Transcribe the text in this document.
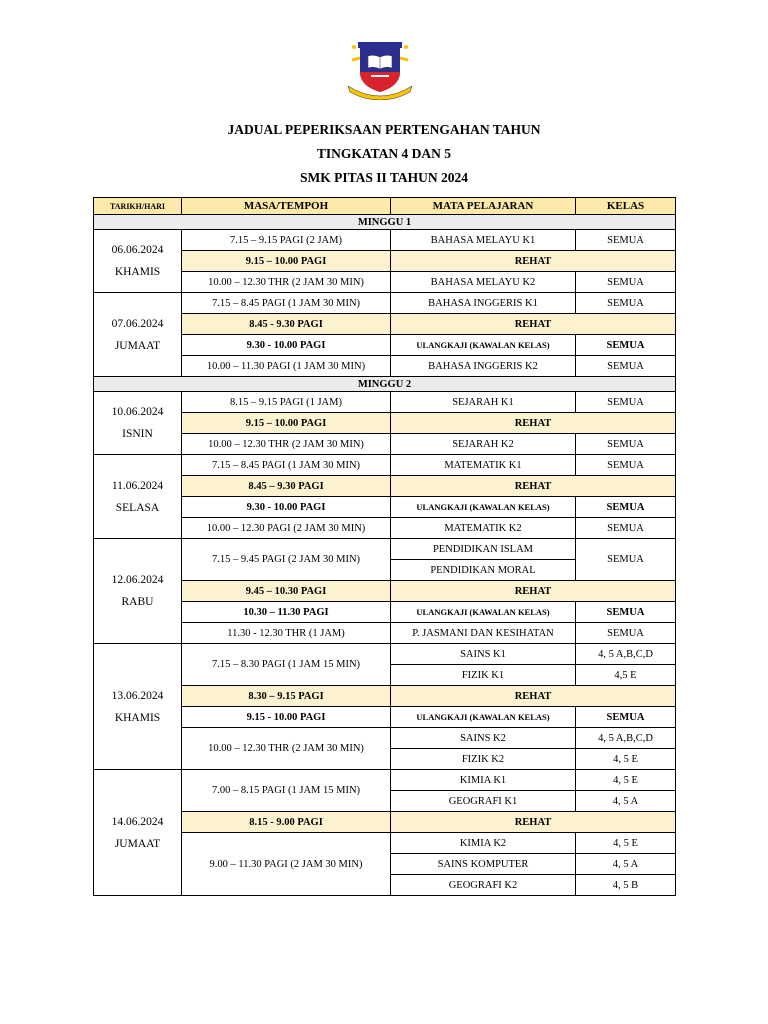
JADUAL PEPERIKSAAN PERTENGAHAN TAHUN
TINGKATAN 4 DAN 5
SMK PITAS II TAHUN 2024
TARIKH/HARI	MASA/TEMPOH	MATA PELAJARAN	KELAS
MINGGU 1			

06.06.2024
KHAMIS	7.15 – 9.15 PAGI (2 JAM)	BAHASA MELAYU K1	SEMUA
	9.15 – 10.00 PAGI	REHAT	
	10.00 – 12.30 THR (2 JAM 30 MIN)	BAHASA MELAYU K2	SEMUA

07.06.2024
JUMAAT	7.15 – 8.45 PAGI (1 JAM 30 MIN)	BAHASA INGGERIS K1	SEMUA
	8.45 - 9.30 PAGI	REHAT	
	9.30 - 10.00 PAGI	ULANGKAJI (KAWALAN KELAS)	SEMUA
	10.00 – 11.30 PAGI (1 JAM 30 MIN)	BAHASA INGGERIS K2	SEMUA
MINGGU 2			

10.06.2024
ISNIN	8.15 – 9.15 PAGI (1 JAM)	SEJARAH K1	SEMUA
	9.15 – 10.00 PAGI	REHAT	
	10.00 – 12.30 THR (2 JAM 30 MIN)	SEJARAH K2	SEMUA

11.06.2024
SELASA	7.15 – 8.45 PAGI (1 JAM 30 MIN)	MATEMATIK K1	SEMUA
	8.45 – 9.30 PAGI	REHAT	
	9.30 - 10.00 PAGI	ULANGKAJI (KAWALAN KELAS)	SEMUA
	10.00 – 12.30 PAGI (2 JAM 30 MIN)	MATEMATIK K2	SEMUA

12.06.2024
RABU	7.15 – 9.45 PAGI (2 JAM 30 MIN)	PENDIDIKAN ISLAM	SEMUA
		PENDIDIKAN MORAL	
	9.45 – 10.30 PAGI	REHAT	
	10.30 – 11.30 PAGI	ULANGKAJI (KAWALAN KELAS)	SEMUA
	11.30 - 12.30 THR (1 JAM)	P. JASMANI DAN KESIHATAN	SEMUA

13.06.2024
KHAMIS	7.15 – 8.30 PAGI (1 JAM 15 MIN)	SAINS K1	4, 5 A,B,C,D
		FIZIK K1	4,5 E
	8.30 – 9.15 PAGI	REHAT	
	9.15 - 10.00 PAGI	ULANGKAJI (KAWALAN KELAS)	SEMUA
	10.00 – 12.30 THR (2 JAM 30 MIN)	SAINS K2	4, 5 A,B,C,D
		FIZIK K2	4, 5 E

14.06.2024
JUMAAT	7.00 – 8.15 PAGI (1 JAM 15 MIN)	KIMIA K1	4, 5 E
		GEOGRAFI K1	4, 5 A
	8.15 - 9.00 PAGI	REHAT	
	9.00 – 11.30 PAGI (2 JAM 30 MIN)	KIMIA K2	4, 5 E
		SAINS KOMPUTER	4, 5 A
		GEOGRAFI K2	4, 5 B
